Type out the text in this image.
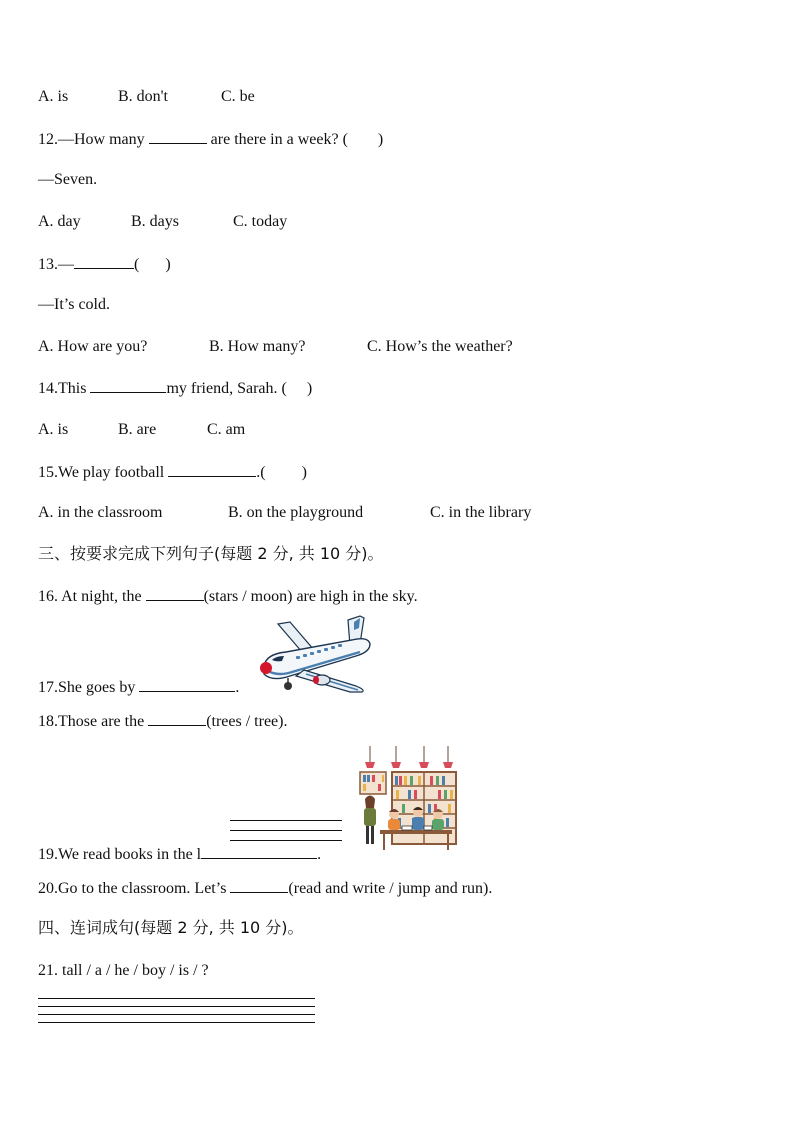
A. is	B. don't	C. be
12.—How many	are there in a week? ( )
—Seven.
A. day	B. days	C. today
13.—	( )
—It’s cold.
A. How are you?	B. How many?	C. How’s the weather?
14.This	my friend, Sarah. ( )
A. is	B. are	C. am
15.We play football	.( )
A. in the classroom	B. on the playground	C. in the library
三、按要求完成下列句子(每题 2 分, 共 10 分)。
16. At night, the	(stars / moon) are high in the sky.
17.She goes by	.
18.Those are the	(trees / tree).
19.We read books in the l	.
20.Go to the classroom. Let’s	(read and write / jump and run).
四、连词成句(每题 2 分, 共 10 分)。
21. tall / a / he / boy / is / ?
